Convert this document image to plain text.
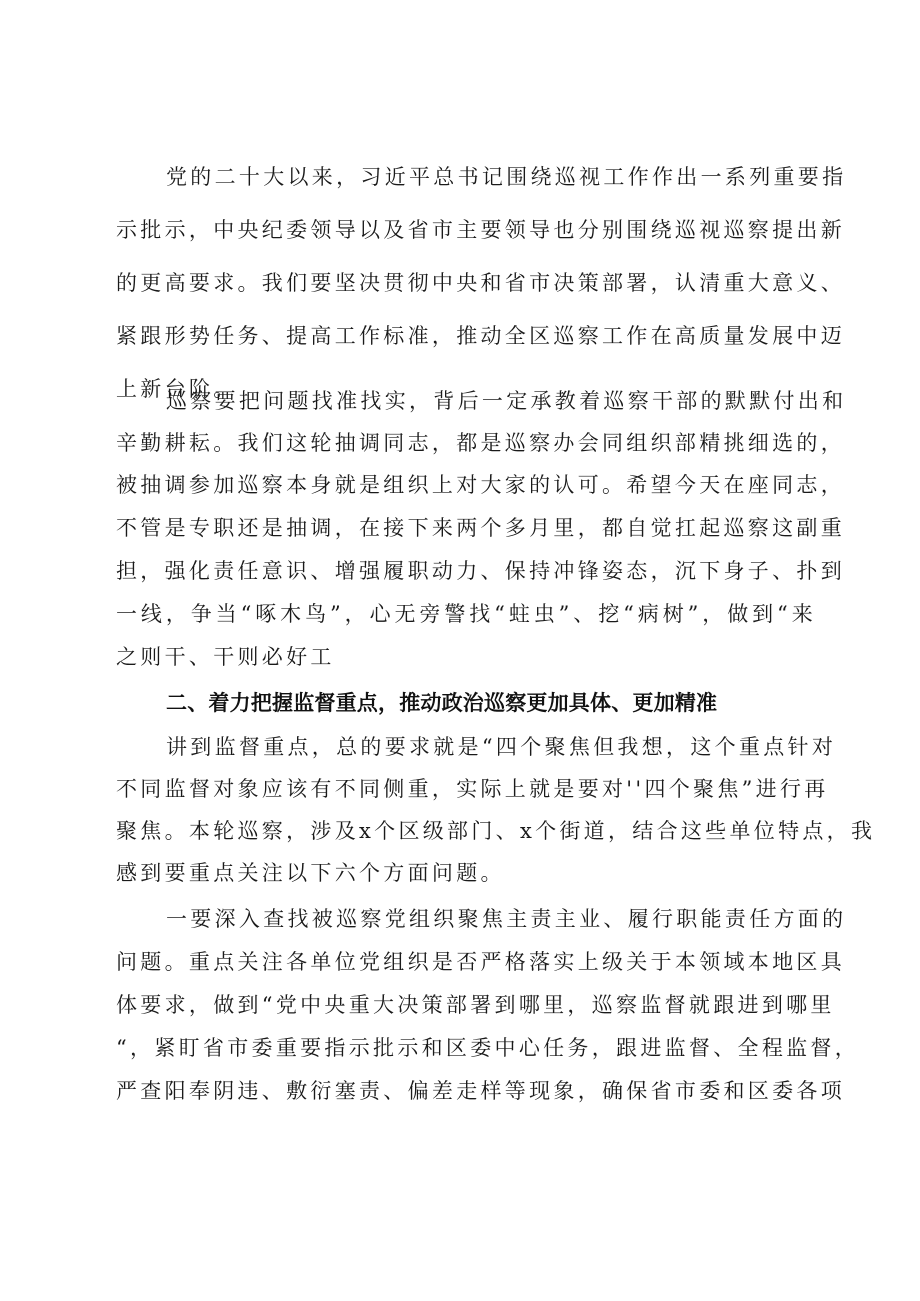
党的二十大以来，习近平总书记围绕巡视工作作出一系列重要指
示批示，中央纪委领导以及省市主要领导也分别围绕巡视巡察提出新
的更高要求。我们要坚决贯彻中央和省市决策部署，认清重大意义、
紧跟形势任务、提高工作标准，推动全区巡察工作在高质量发展中迈
上新台阶。
巡察要把问题找准找实，背后一定承教着巡察干部的默默付出和
辛勤耕耘。我们这轮抽调同志，都是巡察办会同组织部精挑细选的，
被抽调参加巡察本身就是组织上对大家的认可。希望今天在座同志，
不管是专职还是抽调，在接下来两个多月里，都自觉扛起巡察这副重
担，强化责任意识、增强履职动力、保持冲锋姿态，沉下身子、扑到
一线，争当“啄木鸟”，心无旁警找“蛀虫”、挖“病树”，做到“来
之则干、干则必好工
二、着力把握监督重点，推动政治巡察更加具体、更加精准
讲到监督重点，总的要求就是“四个聚焦但我想，这个重点针对
不同监督对象应该有不同侧重，实际上就是要对''四个聚焦”进行再
聚焦。本轮巡察，涉及x个区级部门、x个街道，结合这些单位特点，我
感到要重点关注以下六个方面问题。
一要深入查找被巡察党组织聚焦主责主业、履行职能责任方面的
问题。重点关注各单位党组织是否严格落实上级关于本领域本地区具
体要求，做到“党中央重大决策部署到哪里，巡察监督就跟进到哪里
“，紧盯省市委重要指示批示和区委中心任务，跟进监督、全程监督，
严查阳奉阴违、敷衍塞责、偏差走样等现象，确保省市委和区委各项
